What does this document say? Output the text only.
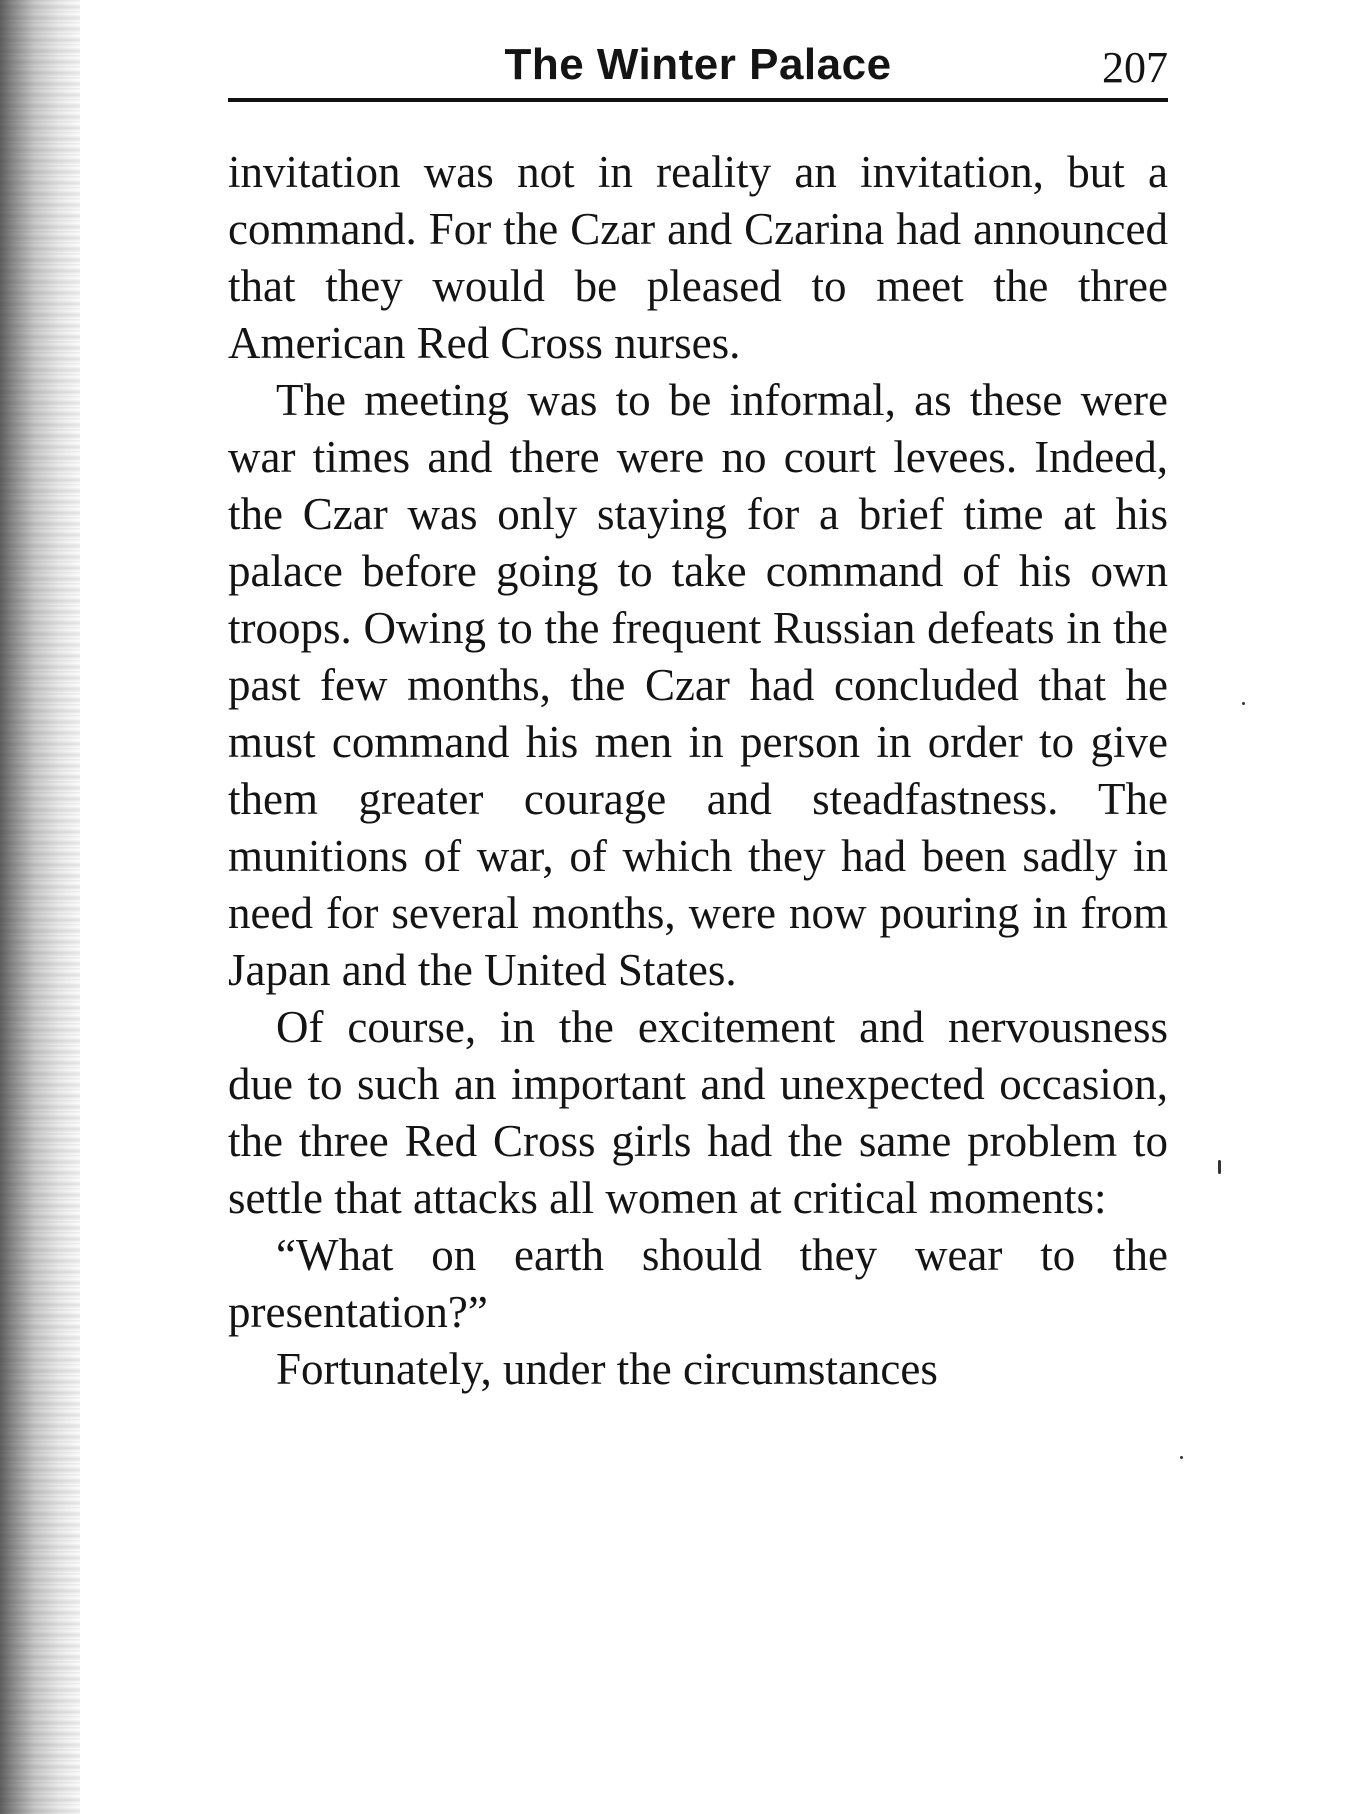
The Winter Palace	207

invitation was not in reality an invitation, but a command. For the Czar and Czarina had announced that they would be pleased to meet the three American Red Cross nurses.

The meeting was to be informal, as these were war times and there were no court levees. Indeed, the Czar was only staying for a brief time at his palace before going to take command of his own troops. Owing to the frequent Russian defeats in the past few months, the Czar had concluded that he must command his men in person in order to give them greater courage and steadfastness. The munitions of war, of which they had been sadly in need for several months, were now pouring in from Japan and the United States.

Of course, in the excitement and nervousness due to such an important and unexpected occasion, the three Red Cross girls had the same problem to settle that attacks all women at critical moments:

“What on earth should they wear to the presentation?”

Fortunately, under the circumstances
